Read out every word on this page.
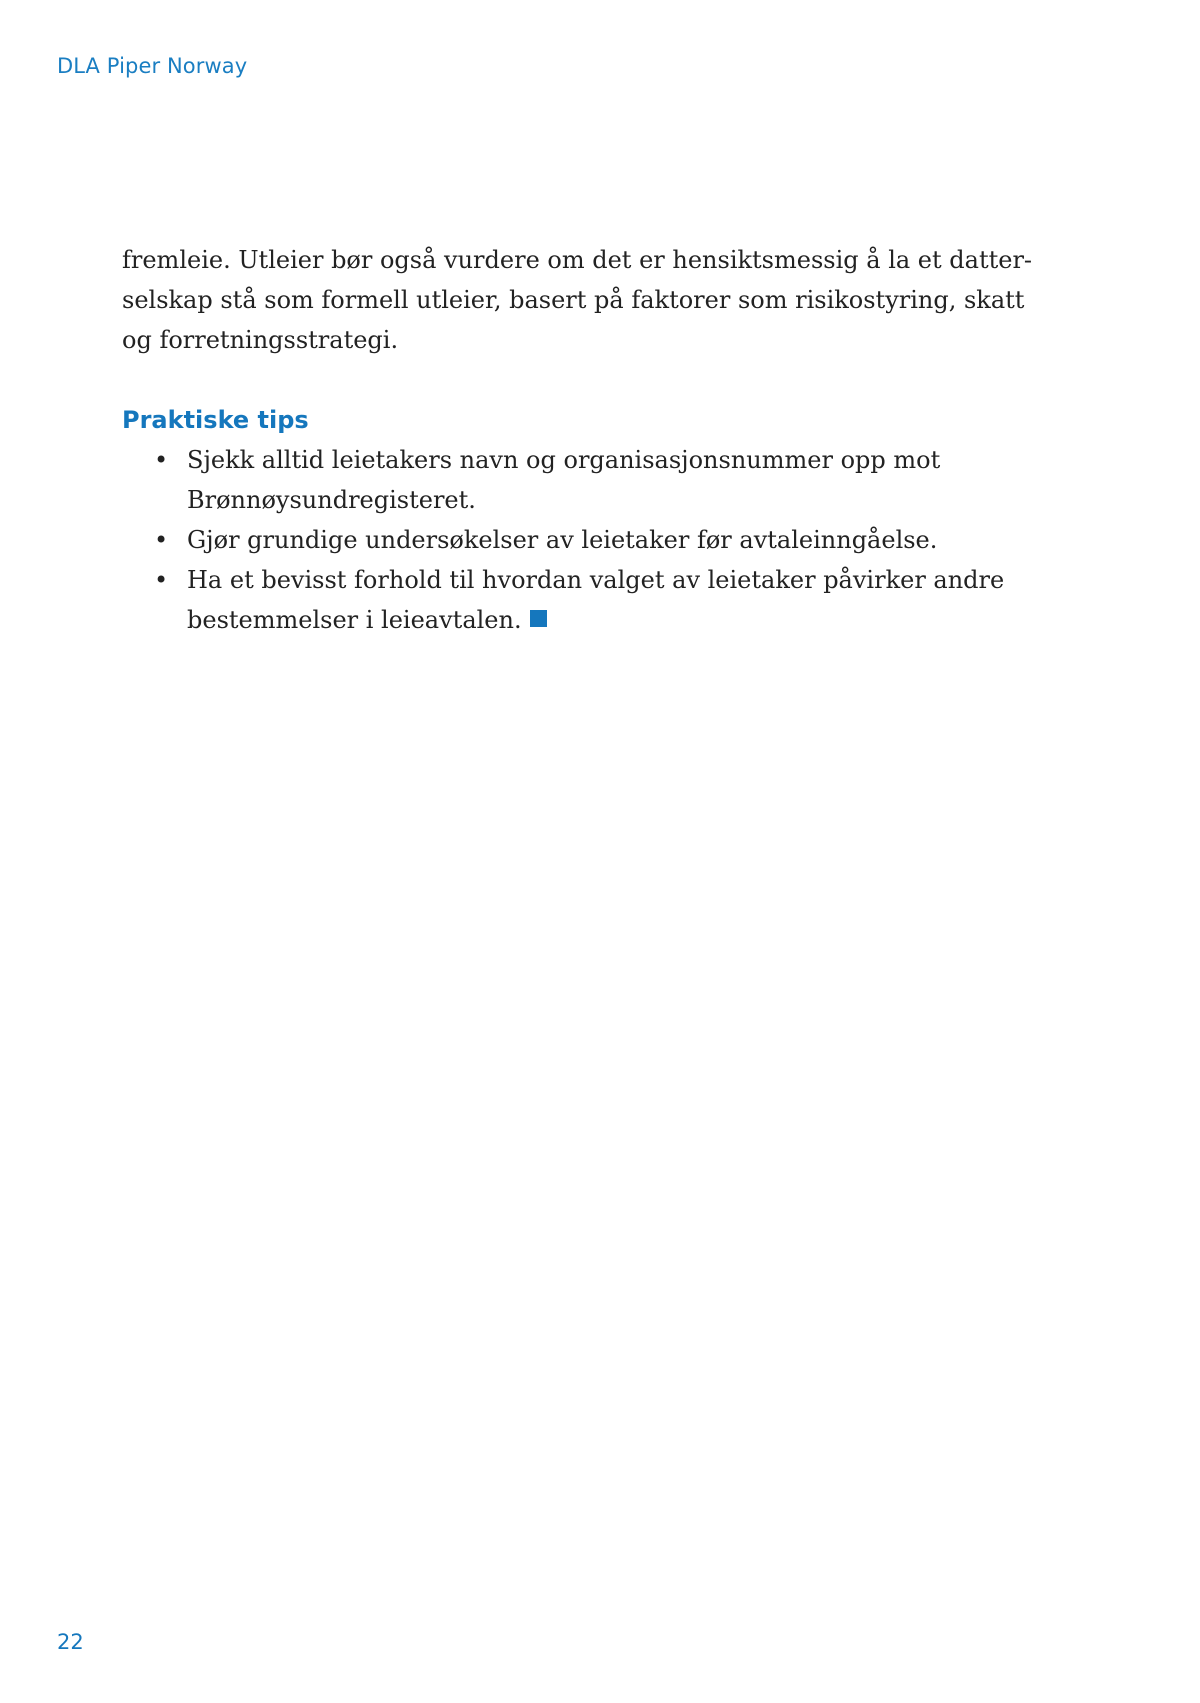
DLA Piper Norway

fremleie. Utleier bør også vurdere om det er hensiktsmessig å la et datter-
selskap stå som formell utleier, basert på faktorer som risikostyring, skatt
og forretningsstrategi.

Praktiske tips
• Sjekk alltid leietakers navn og organisasjonsnummer opp mot
Brønnøysundregisteret.
• Gjør grundige undersøkelser av leietaker før avtaleinngåelse.
• Ha et bevisst forhold til hvordan valget av leietaker påvirker andre
bestemmelser i leieavtalen.
22
